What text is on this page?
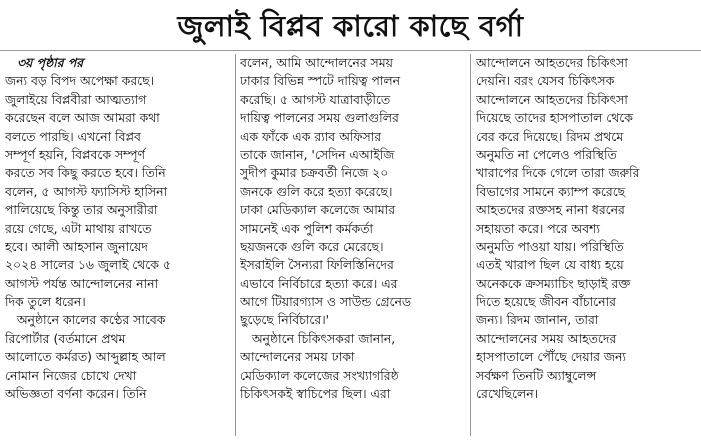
জুলাই বিপ্লব কারো কাছে বর্গা
৩য় পৃষ্ঠার পর
জন্য বড় বিপদ অপেক্ষা করছে।
জুলাইয়ে বিপ্লবীরা আত্মত্যাগ
করেছেন বলে আজ আমরা কথা
বলতে পারছি। এখনো বিপ্লব
সম্পূর্ণ হয়নি, বিপ্লবকে সম্পূর্ণ
করতে সব কিছু করতে হবে। তিনি
বলেন, ৫ আগস্ট ফ্যাসিস্ট হাসিনা
পালিয়েছে কিন্তু তার অনুসারীরা
রয়ে গেছে, এটা মাথায় রাখতে
হবে। আলী আহসান জুনায়েদ
২০২৪ সালের ১৬ জুলাই থেকে ৫
আগস্ট পর্যন্ত আন্দোলনের নানা
দিক তুলে ধরেন।
অনুষ্ঠানে কালের কণ্ঠের সাবেক
রিপোর্টার (বর্তমানে প্রথম
আলোতে কর্মরত) আব্দুল্লাহ আল
নোমান নিজের চোখে দেখা
অভিজ্ঞতা বর্ণনা করেন। তিনি
বলেন, আমি আন্দোলনের সময়
ঢাকার বিভিন্ন স্পটে দায়িত্ব পালন
করেছি। ৫ আগস্ট যাত্রাবাড়ীতে
দায়িত্ব পালনের সময় গুলাগুলির
এক ফাঁকে এক র‍্যাব অফিসার
তাকে জানান, 'সেদিন এআইজি
সুদীপ কুমার চক্রবর্তী নিজে ২০
জনকে গুলি করে হত্যা করেছে।
ঢাকা মেডিক্যাল কলেজে আমার
সামনেই এক পুলিশ কর্মকর্তা
ছয়জনকে গুলি করে মেরেছে।
ইসরাইলি সৈন্যরা ফিলিস্তিনিদের
এভাবে নির্বিচারে হত্যা করে। এর
আগে টিয়ারগ্যাস ও সাউন্ড গ্রেনেড
ছুড়েছে নির্বিচারে।'
অনুষ্ঠানে চিকিৎসকরা জানান,
আন্দোলনের সময় ঢাকা
মেডিক্যাল কলেজের সংখ্যাগরিষ্ঠ
চিকিৎসকই স্বাচিপের ছিল। এরা
আন্দোলনে আহতদের চিকিৎসা
দেয়নি। বরং যেসব চিকিৎসক
আন্দোলনে আহতদের চিকিৎসা
দিয়েছে তাদের হাসপাতাল থেকে
বের করে দিয়েছে। রিদম প্রথমে
অনুমতি না পেলেও পরিস্থিতি
খারাপের দিকে গেলে তারা জরুরি
বিভাগের সামনে ক্যাম্প করেছে
আহতদের রক্তসহ নানা ধরনের
সহায়তা করে। পরে অবশ্য
অনুমতি পাওয়া যায়। পরিস্থিতি
এতই খারাপ ছিল যে বাধ্য হয়ে
অনেককে ক্রসম্যাচিং ছাড়াই রক্ত
দিতে হয়েছে জীবন বাঁচানোর
জন্য। রিদম জানান, তারা
আন্দোলনের সময় আহতদের
হাসপাতালে পৌঁছে দেয়ার জন্য
সর্বক্ষণ তিনটি অ্যাম্বুলেন্স
রেখেছিলেন।
